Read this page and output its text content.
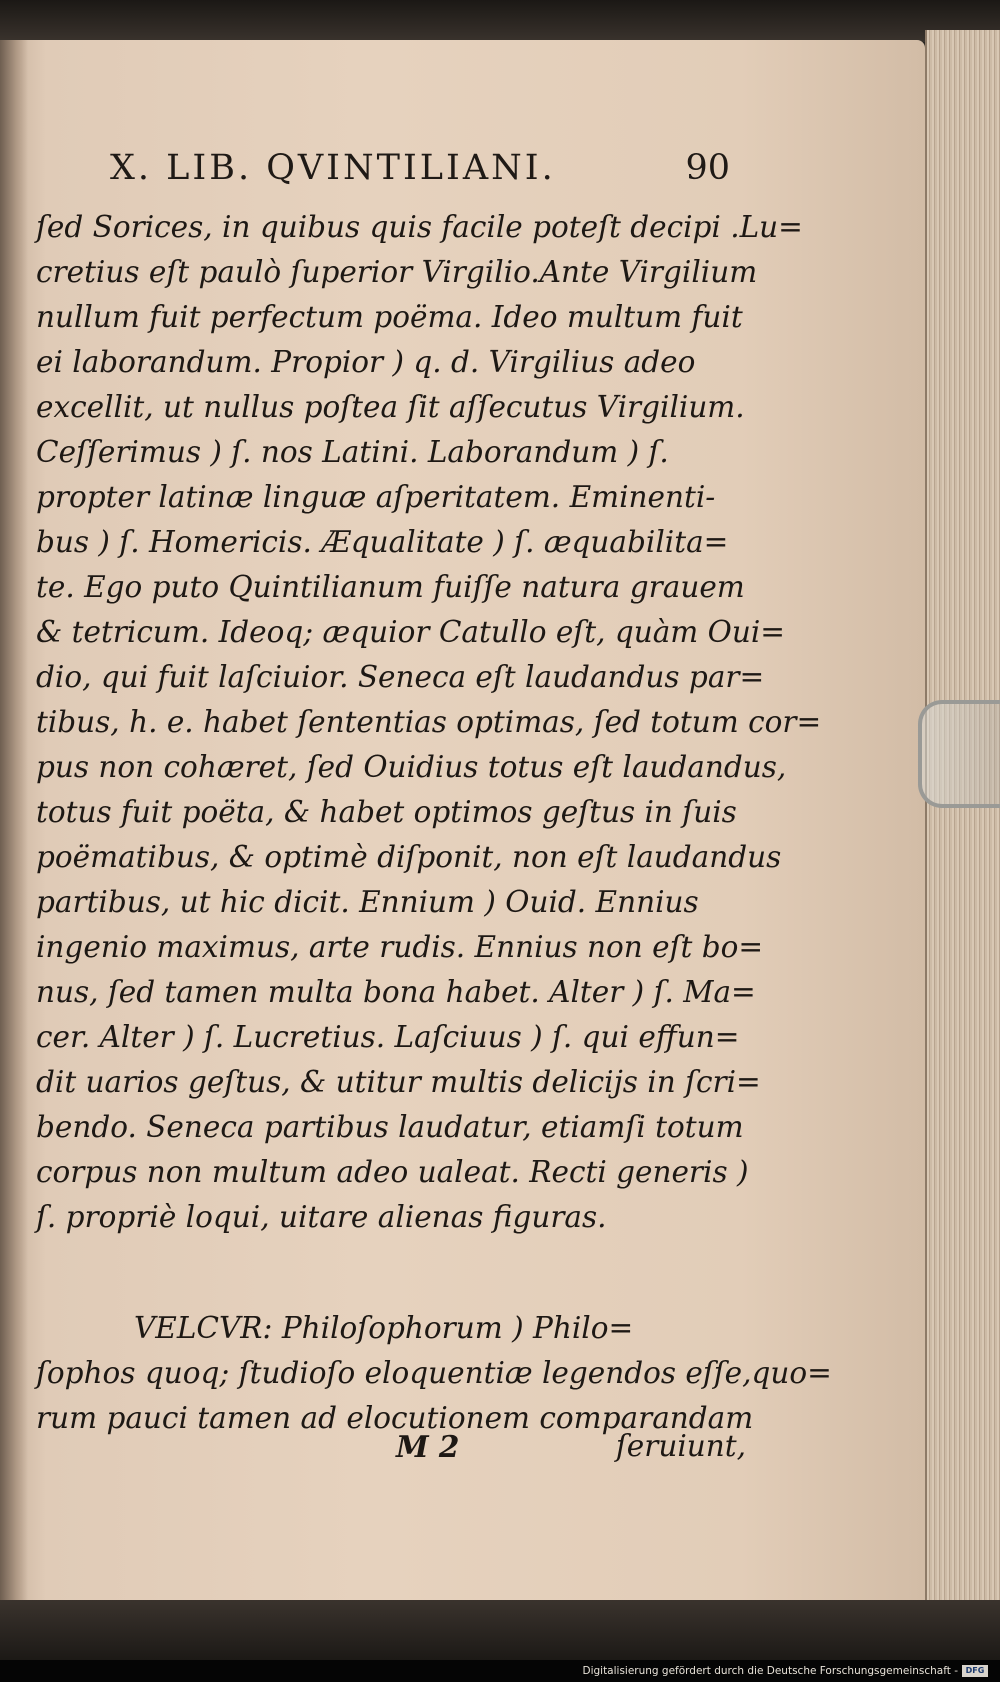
X. LIB. QVINTILIANI.	90
ſed Sorices, in quibus quis facile poteſt decipi .Lu=
cretius eſt paulò ſuperior Virgilio.Ante Virgilium
nullum fuit perfectum poëma. Ideo multum fuit
ei laborandum. Propior ) q. d. Virgilius adeo
excellit, ut nullus poſtea ſit aſſecutus Virgilium.
Ceſſerimus ) ſ. nos Latini. Laborandum ) ſ.
propter latinæ linguæ aſperitatem. Eminenti-
bus ) ſ. Homericis. Æqualitate ) ſ. æquabilita=
te. Ego puto Quintilianum fuiſſe natura grauem
& tetricum. Ideoq; æquior Catullo eſt, quàm Oui=
dio, qui fuit laſciuior. Seneca eſt laudandus par=
tibus, h. e. habet ſententias optimas, ſed totum cor=
pus non cohæret, ſed Ouidius totus eſt laudandus,
totus fuit poëta, & habet optimos geſtus in ſuis
poëmatibus, & optimè diſponit, non eſt laudandus
partibus, ut hic dicit. Ennium ) Ouid. Ennius
ingenio maximus, arte rudis. Ennius non eſt bo=
nus, ſed tamen multa bona habet. Alter ) ſ. Ma=
cer. Alter ) ſ. Lucretius. Laſciuus ) ſ. qui effun=
dit uarios geſtus, & utitur multis delicijs in ſcri=
bendo. Seneca partibus laudatur, etiamſi totum
corpus non multum adeo ualeat. Recti generis )
ſ. propriè loqui, uitare alienas figuras.
VELCVR: Philoſophorum ) Philo=
ſophos quoq; ſtudioſo eloquentiæ legendos eſſe,quo=
rum pauci tamen ad elocutionem comparandam
M 2	ſeruiunt,
Digitalisierung gefördert durch die Deutsche Forschungsgemeinschaft - DFG
